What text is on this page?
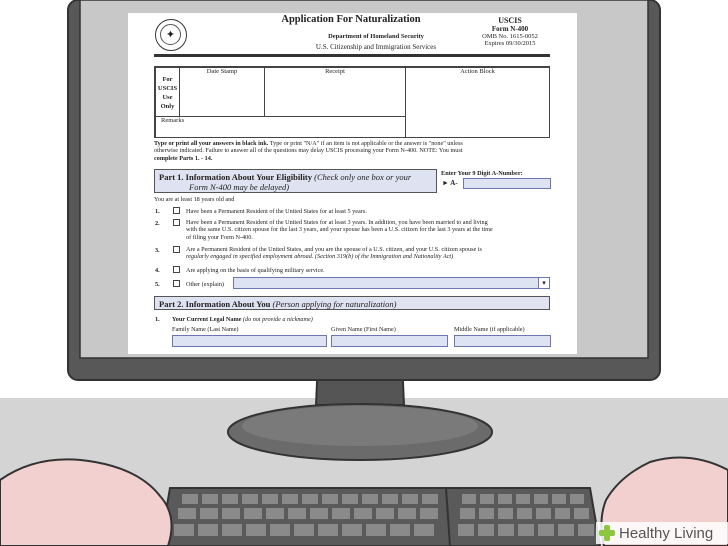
✦
Application For Naturalization
Department of Homeland Security
U.S. Citizenship and Immigration Services
USCIS
Form N-400
OMB No. 1615-0052
Expires 09/30/2015
For USCIS Use Only
Date Stamp	Receipt	Action Block
Remarks
Type or print all your answers in black ink. Type or print "N/A" if an item is not applicable or the answer is "none" unless
otherwise indicated. Failure to answer all of the questions may delay USCIS processing your Form N-400. NOTE: You must
complete Parts 1. - 14.
Part 1. Information About Your Eligibility (Check only one box or your
Form N-400 may be delayed)
Enter Your 9 Digit A-Number:
► A-
You are at least 18 years old and
1.	Have been a Permanent Resident of the United States for at least 5 years.
2.	Have been a Permanent Resident of the United States for at least 3 years. In addition, you have been married to and living
with the same U.S. citizen spouse for the last 3 years, and your spouse has been a U.S. citizen for the last 3 years at the time
of filing your Form N-400.
3.	Are a Permanent Resident of the United States, and you are the spouse of a U.S. citizen, and your U.S. citizen spouse is
regularly engaged in specified employment abroad. (Section 319(b) of the Immigration and Nationality Act)
4.	Are applying on the basis of qualifying military service.
5.	Other (explain)	▾
Part 2. Information About You (Person applying for naturalization)
1. Your Current Legal Name (do not provide a nickname)
Family Name (Last Name)	Given Name (First Name)	Middle Name (if applicable)
Healthy Living
